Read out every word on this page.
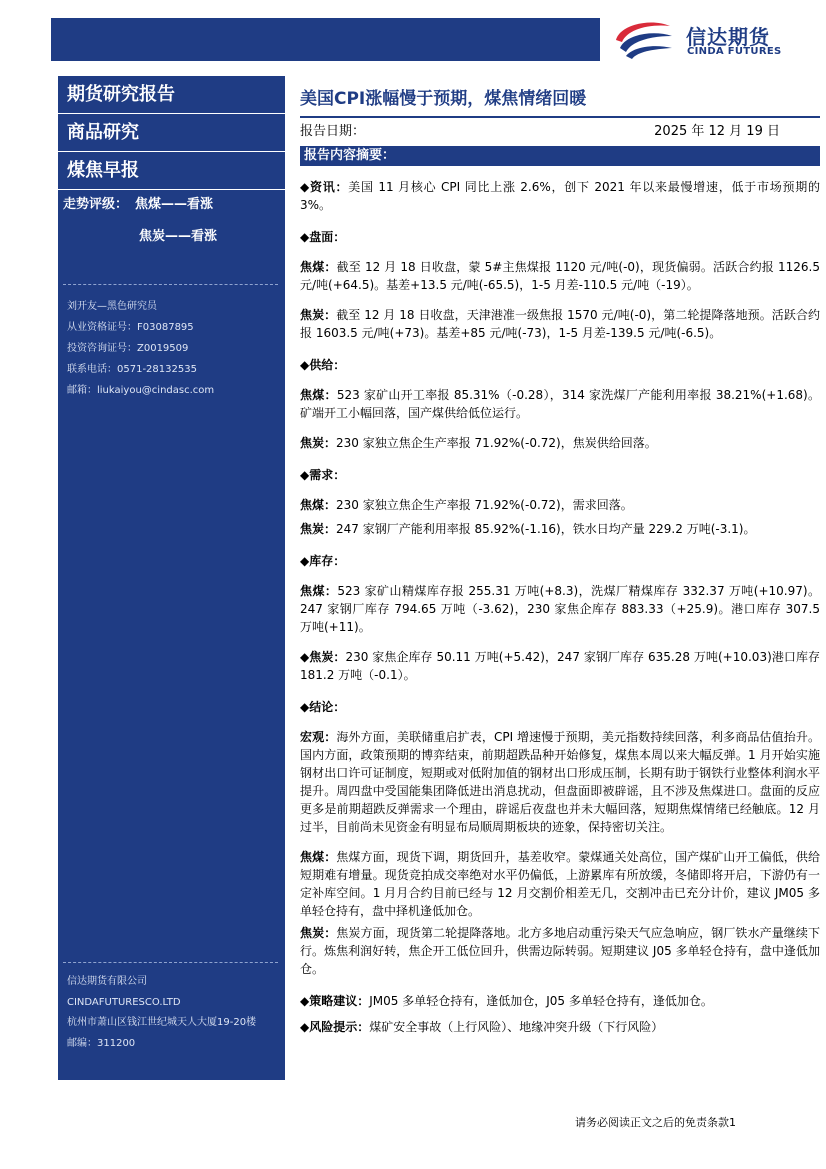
信达期货
CINDA FUTURES
期货研究报告
商品研究
煤焦早报
走势评级： 焦煤——看涨
焦炭——看涨
刘开友—黑色研究员
从业资格证号：F03087895
投资咨询证号：Z0019509
联系电话：0571-28132535
邮箱：liukaiyou@cindasc.com
信达期货有限公司
CINDAFUTURESCO.LTD
杭州市萧山区钱江世纪城天人大厦19-20楼
邮编：311200
美国CPI涨幅慢于预期，煤焦情绪回暖
报告日期：	2025 年 12 月 19 日
报告内容摘要：
◆资讯：美国 11 月核心 CPI 同比上涨 2.6%，创下 2021 年以来最慢增速，低于市场预期的 3%。
◆盘面：
焦煤：截至 12 月 18 日收盘，蒙 5#主焦煤报 1120 元/吨(-0)，现货偏弱。活跃合约报 1126.5 元/吨(+64.5)。基差+13.5 元/吨(-65.5)，1-5 月差-110.5 元/吨（-19）。
焦炭：截至 12 月 18 日收盘，天津港准一级焦报 1570 元/吨(-0)，第二轮提降落地预。活跃合约报 1603.5 元/吨(+73)。基差+85 元/吨(-73)，1-5 月差-139.5 元/吨(-6.5)。
◆供给：
焦煤：523 家矿山开工率报 85.31%（-0.28），314 家洗煤厂产能利用率报 38.21%(+1.68)。矿端开工小幅回落，国产煤供给低位运行。
焦炭：230 家独立焦企生产率报 71.92%(-0.72)，焦炭供给回落。
◆需求：
焦煤：230 家独立焦企生产率报 71.92%(-0.72)，需求回落。
焦炭：247 家钢厂产能利用率报 85.92%(-1.16)，铁水日均产量 229.2 万吨(-3.1)。
◆库存：
焦煤：523 家矿山精煤库存报 255.31 万吨(+8.3)，洗煤厂精煤库存 332.37 万吨(+10.97)。247 家钢厂库存 794.65 万吨（-3.62)，230 家焦企库存 883.33（+25.9)。港口库存 307.5 万吨(+11)。
◆焦炭：230 家焦企库存 50.11 万吨(+5.42)，247 家钢厂库存 635.28 万吨(+10.03)港口库存 181.2 万吨（-0.1）。
◆结论：
宏观：海外方面，美联储重启扩表，CPI 增速慢于预期，美元指数持续回落，利多商品估值抬升。国内方面，政策预期的博弈结束，前期超跌品种开始修复，煤焦本周以来大幅反弹。1 月开始实施钢材出口许可证制度，短期或对低附加值的钢材出口形成压制，长期有助于钢铁行业整体利润水平提升。周四盘中受国能集团降低进出消息扰动，但盘面即被辟谣，且不涉及焦煤进口。盘面的反应更多是前期超跌反弹需求一个理由，辟谣后夜盘也并未大幅回落，短期焦煤情绪已经触底。12 月过半，目前尚未见资金有明显布局顺周期板块的迹象，保持密切关注。
焦煤：焦煤方面，现货下调，期货回升，基差收窄。蒙煤通关处高位，国产煤矿山开工偏低，供给短期难有增量。现货竞拍成交率绝对水平仍偏低，上游累库有所放缓，冬储即将开启，下游仍有一定补库空间。1 月月合约目前已经与 12 月交割价相差无几，交割冲击已充分计价，建议 JM05 多单轻仓持有，盘中择机逢低加仓。
焦炭：焦炭方面，现货第二轮提降落地。北方多地启动重污染天气应急响应，钢厂铁水产量继续下行。炼焦利润好转，焦企开工低位回升，供需边际转弱。短期建议 J05 多单轻仓持有，盘中逢低加仓。
◆策略建议：JM05 多单轻仓持有，逢低加仓，J05 多单轻仓持有，逢低加仓。
◆风险提示：煤矿安全事故（上行风险）、地缘冲突升级（下行风险）
请务必阅读正文之后的免责条款1
